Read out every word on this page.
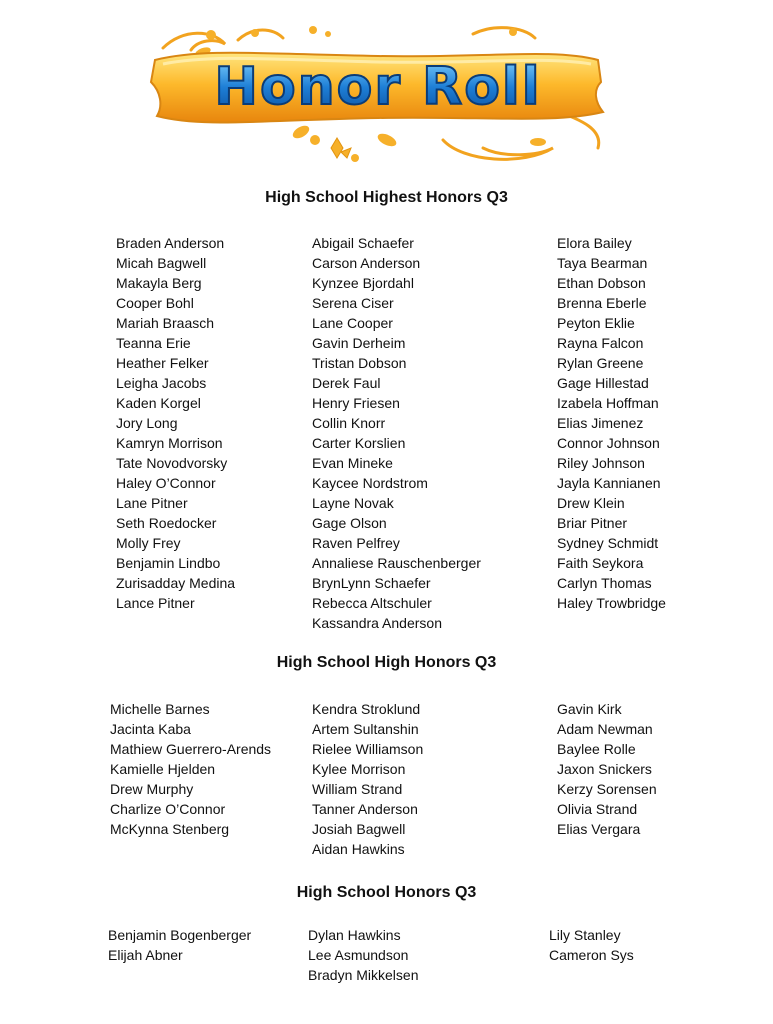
Honor Roll
High School Highest Honors Q3
Braden Anderson
Micah Bagwell
Makayla Berg
Cooper Bohl
Mariah Braasch
Teanna Erie
Heather Felker
Leigha Jacobs
Kaden Korgel
Jory Long
Kamryn Morrison
Tate Novodvorsky
Haley O’Connor
Lane Pitner
Seth Roedocker
Molly Frey
Benjamin Lindbo
Zurisadday Medina
Lance Pitner
Abigail Schaefer
Carson Anderson
Kynzee Bjordahl
Serena Ciser
Lane Cooper
Gavin Derheim
Tristan Dobson
Derek Faul
Henry Friesen
Collin Knorr
Carter Korslien
Evan Mineke
Kaycee Nordstrom
Layne Novak
Gage Olson
Raven Pelfrey
Annaliese Rauschenberger
BrynLynn Schaefer
Rebecca Altschuler
Kassandra Anderson
Elora Bailey
Taya Bearman
Ethan Dobson
Brenna Eberle
Peyton Eklie
Rayna Falcon
Rylan Greene
Gage Hillestad
Izabela Hoffman
Elias Jimenez
Connor Johnson
Riley Johnson
Jayla Kannianen
Drew Klein
Briar Pitner
Sydney Schmidt
Faith Seykora
Carlyn Thomas
Haley Trowbridge
High School High Honors Q3
Michelle Barnes
Jacinta Kaba
Mathiew Guerrero-Arends
Kamielle Hjelden
Drew Murphy
Charlize O’Connor
McKynna Stenberg
Kendra Stroklund
Artem Sultanshin
Rielee Williamson
Kylee Morrison
William Strand
Tanner Anderson
Josiah Bagwell
Aidan Hawkins
Gavin Kirk
Adam Newman
Baylee Rolle
Jaxon Snickers
Kerzy Sorensen
Olivia Strand
Elias Vergara
High School Honors Q3
Benjamin Bogenberger
Elijah Abner
Dylan Hawkins
Lee Asmundson
Bradyn Mikkelsen
Lily Stanley
Cameron Sys
